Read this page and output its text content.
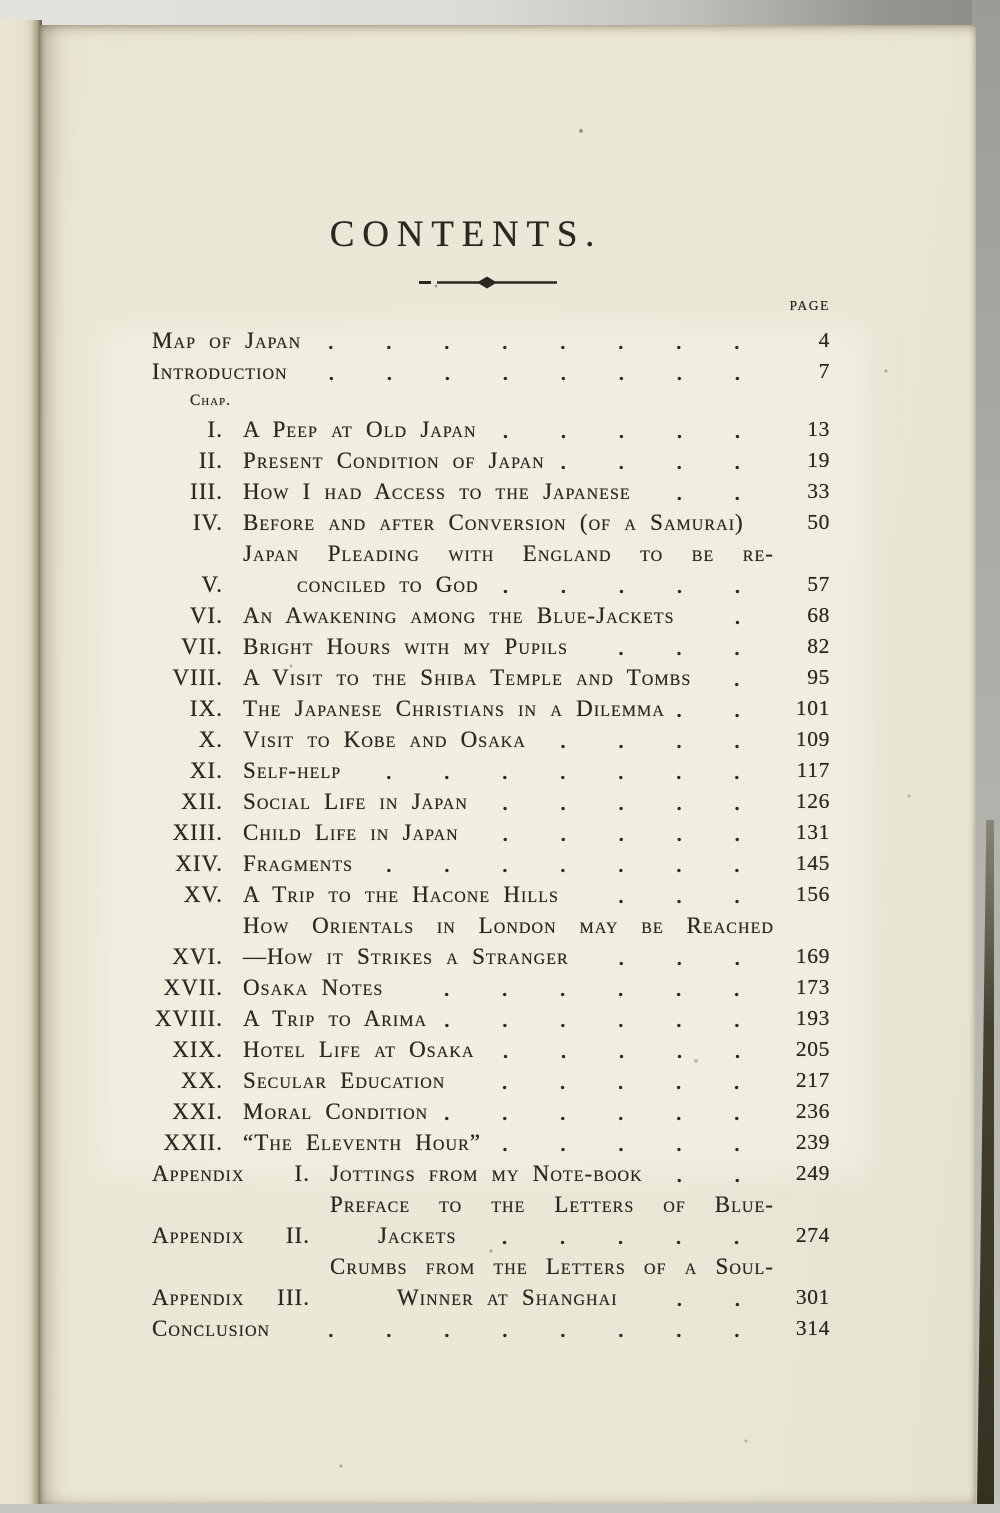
CONTENTS.
PAGE
Map of Japan	4
Introduction	7
Chap.
I. A Peep at Old Japan	13
II. Present Condition of Japan	19
III. How I had Access to the Japanese	33
IV. Before and after Conversion (of a Samurai)	50
V.
Japan Pleading with England to be re-
conciled to God	57
VI. An Awakening among the Blue-Jackets	68
VII. Bright Hours with my Pupils	82
VIII. A Visit to the Shiba Temple and Tombs	95
IX. The Japanese Christians in a Dilemma	101
X. Visit to Kobe and Osaka	109
XI. Self-help	117
XII. Social Life in Japan	126
XIII. Child Life in Japan	131
XIV. Fragments	145
XV. A Trip to the Hacone Hills	156
XVI.
How Orientals in London may be Reached
—How it Strikes a Stranger	169
XVII. Osaka Notes	173
XVIII. A Trip to Arima	193
XIX. Hotel Life at Osaka	205
XX. Secular Education	217
XXI. Moral Condition	236
XXII. “The Eleventh Hour”	239
Appendix I. Jottings from my Note-book	249
Appendix II.
Preface to the Letters of Blue-
Jackets	274
Appendix III.
Crumbs from the Letters of a Soul-
Winner at Shanghai	301
Conclusion	314
